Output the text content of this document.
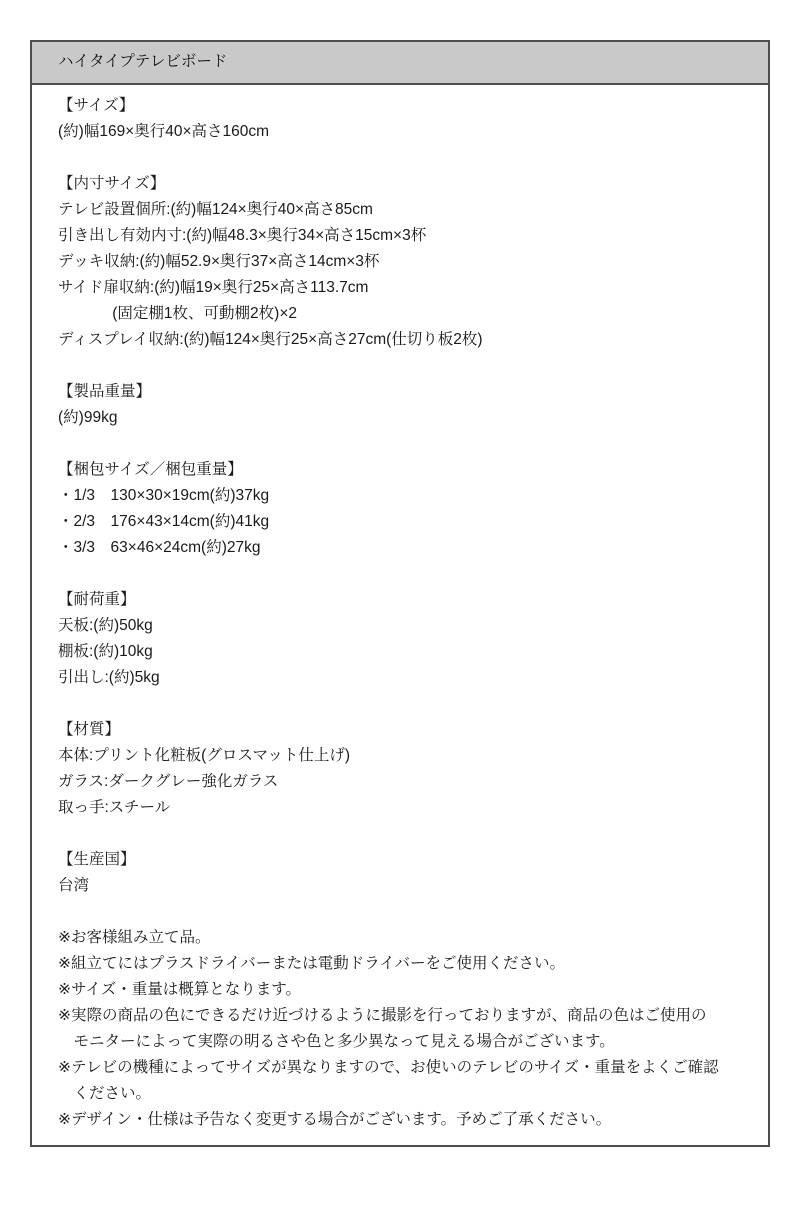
ハイタイプテレビボード
【サイズ】
(約)幅169×奥行40×高さ160cm
【内寸サイズ】
テレビ設置個所:(約)幅124×奥行40×高さ85cm
引き出し有効内寸:(約)幅48.3×奥行34×高さ15cm×3杯
デッキ収納:(約)幅52.9×奥行37×高さ14cm×3杯
サイド扉収納:(約)幅19×奥行25×高さ113.7cm
(固定棚1枚、可動棚2枚)×2
ディスプレイ収納:(約)幅124×奥行25×高さ27cm(仕切り板2枚)
【製品重量】
(約)99kg
【梱包サイズ／梱包重量】
・1/3　130×30×19cm(約)37kg
・2/3　176×43×14cm(約)41kg
・3/3　63×46×24cm(約)27kg
【耐荷重】
天板:(約)50kg
棚板:(約)10kg
引出し:(約)5kg
【材質】
本体:プリント化粧板(グロスマット仕上げ)
ガラス:ダークグレー強化ガラス
取っ手:スチール
【生産国】
台湾
※お客様組み立て品。
※組立てにはプラスドライバーまたは電動ドライバーをご使用ください。
※サイズ・重量は概算となります。
※実際の商品の色にできるだけ近づけるように撮影を行っておりますが、商品の色はご使用の
モニターによって実際の明るさや色と多少異なって見える場合がございます。
※テレビの機種によってサイズが異なりますので、お使いのテレビのサイズ・重量をよくご確認
ください。
※デザイン・仕様は予告なく変更する場合がございます。予めご了承ください。
